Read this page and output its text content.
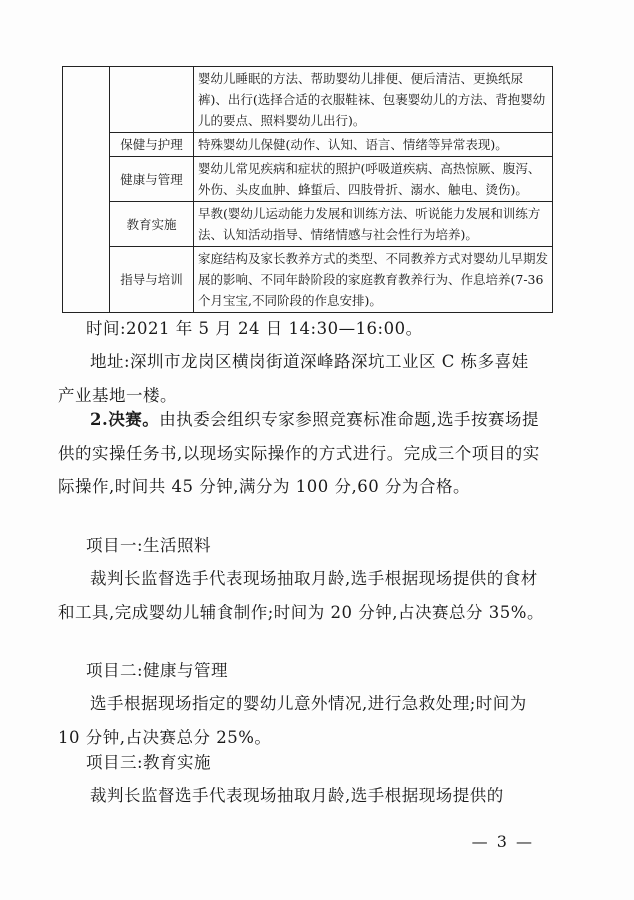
		婴幼儿睡眠的方法、帮助婴幼儿排便、便后清洁、更换纸尿裤)、出行(选择合适的衣服鞋袜、包裹婴幼儿的方法、背抱婴幼儿的要点、照料婴幼儿出行)。
	保健与护理	特殊婴幼儿保健(动作、认知、语言、情绪等异常表现)。
	健康与管理	婴幼儿常见疾病和症状的照护(呼吸道疾病、高热惊厥、腹泻、外伤、头皮血肿、蜂蜇后、四肢骨折、溺水、触电、烫伤)。
	教育实施	早教(婴幼儿运动能力发展和训练方法、听说能力发展和训练方法、认知活动指导、情绪情感与社会性行为培养)。
	指导与培训	家庭结构及家长教养方式的类型、不同教养方式对婴幼儿早期发展的影响、不同年龄阶段的家庭教育教养行为、作息培养(7-36个月宝宝,不同阶段的作息安排)。

时间:2021 年 5 月 24 日 14:30—16:00。

地址:深圳市龙岗区横岗街道深峰路深坑工业区 C 栋多喜娃产业基地一楼。

2.决赛。由执委会组织专家参照竞赛标准命题,选手按赛场提供的实操任务书,以现场实际操作的方式进行。完成三个项目的实际操作,时间共 45 分钟,满分为 100 分,60 分为合格。

项目一:生活照料

裁判长监督选手代表现场抽取月龄,选手根据现场提供的食材和工具,完成婴幼儿辅食制作;时间为 20 分钟,占决赛总分 35%。

项目二:健康与管理

选手根据现场指定的婴幼儿意外情况,进行急救处理;时间为 10 分钟,占决赛总分 25%。

项目三:教育实施

裁判长监督选手代表现场抽取月龄,选手根据现场提供的

— 3 —
